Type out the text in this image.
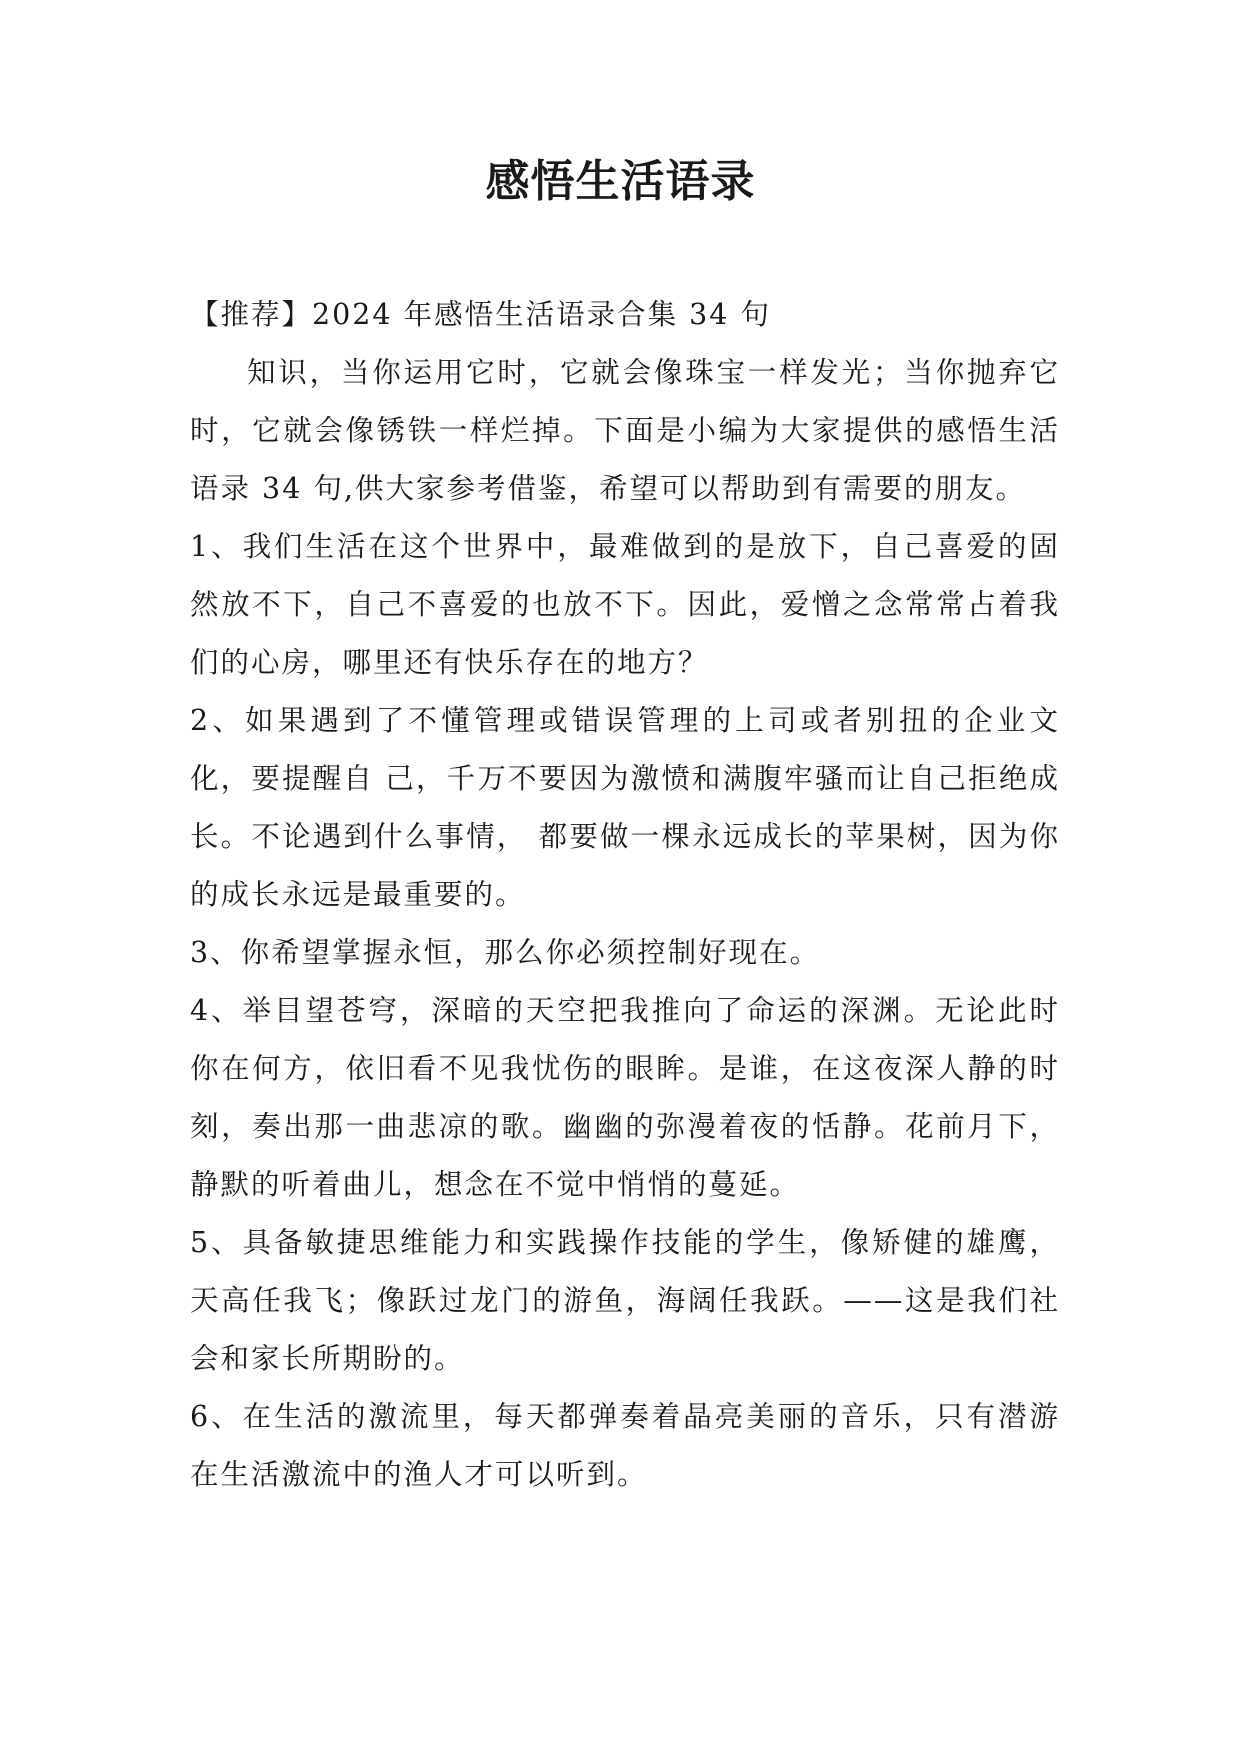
感悟生活语录

【推荐】2024 年感悟生活语录合集 34 句

知识，当你运用它时，它就会像珠宝一样发光；当你抛弃它时，它就会像锈铁一样烂掉。下面是小编为大家提供的感悟生活语录 34 句,供大家参考借鉴，希望可以帮助到有需要的朋友。

1、我们生活在这个世界中，最难做到的是放下，自己喜爱的固然放不下，自己不喜爱的也放不下。因此，爱憎之念常常占着我们的心房，哪里还有快乐存在的地方？

2、如果遇到了不懂管理或错误管理的上司或者别扭的企业文化，要提醒自 己，千万不要因为激愤和满腹牢骚而让自己拒绝成长。不论遇到什么事情， 都要做一棵永远成长的苹果树，因为你的成长永远是最重要的。

3、你希望掌握永恒，那么你必须控制好现在。

4、举目望苍穹，深暗的天空把我推向了命运的深渊。无论此时你在何方，依旧看不见我忧伤的眼眸。是谁，在这夜深人静的时刻，奏出那一曲悲凉的歌。幽幽的弥漫着夜的恬静。花前月下，静默的听着曲儿，想念在不觉中悄悄的蔓延。

5、具备敏捷思维能力和实践操作技能的学生，像矫健的雄鹰，天高任我飞；像跃过龙门的游鱼，海阔任我跃。——这是我们社会和家长所期盼的。

6、在生活的激流里，每天都弹奏着晶亮美丽的音乐，只有潜游在生活激流中的渔人才可以听到。
